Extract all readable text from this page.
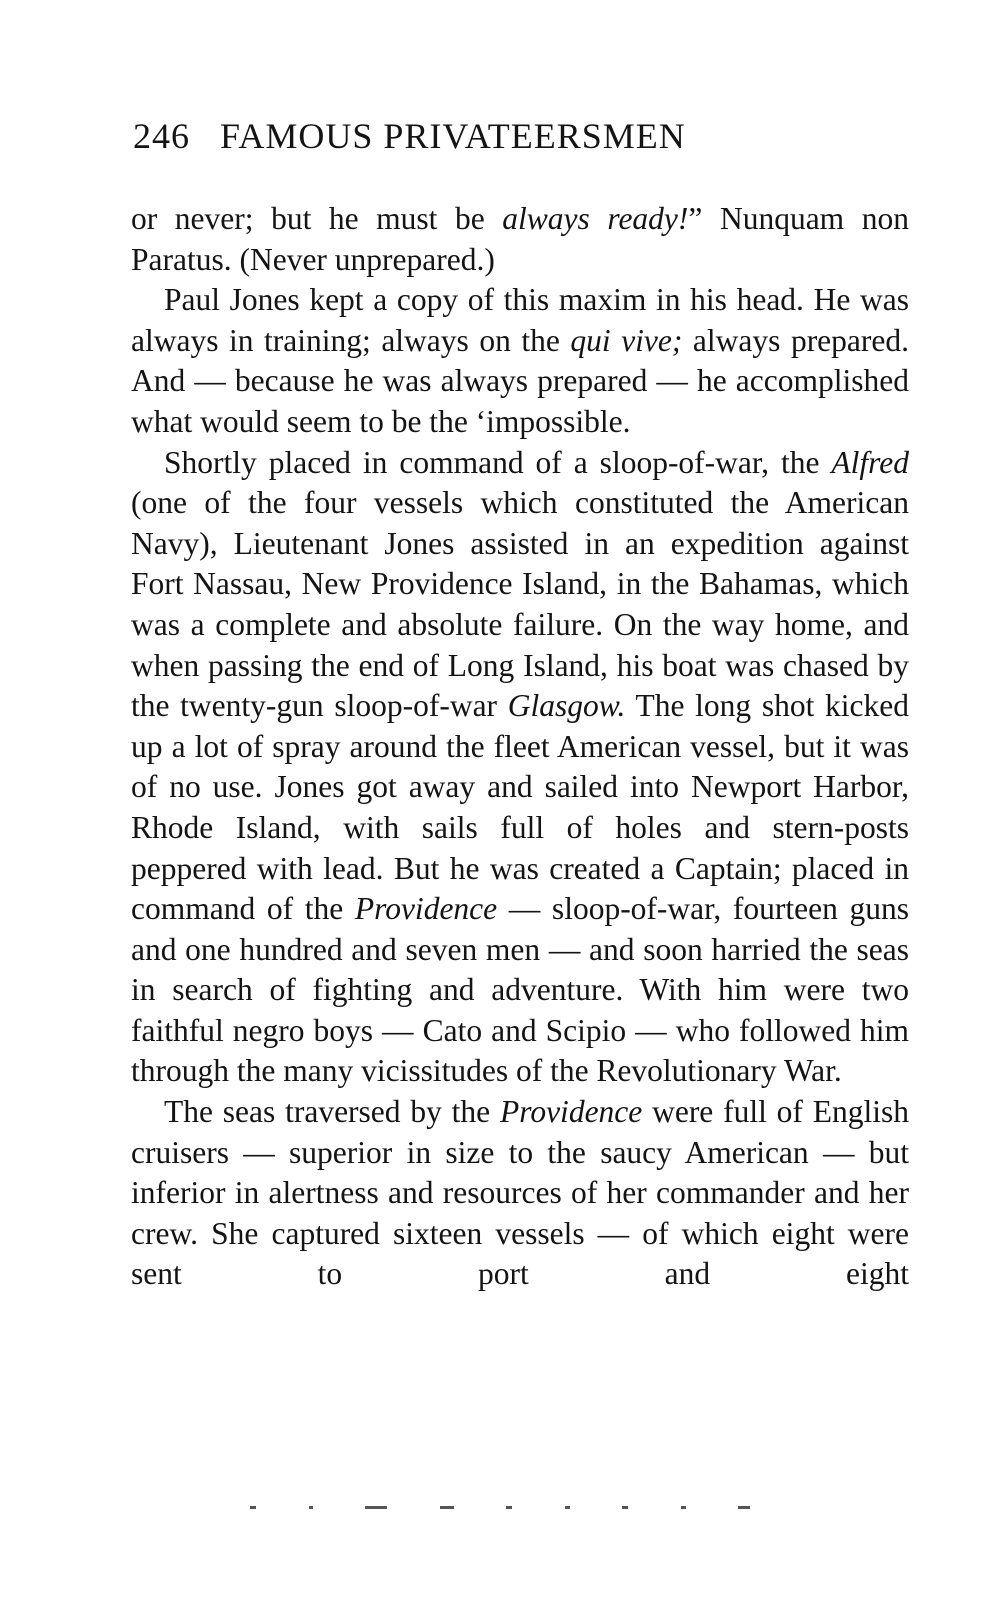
246 FAMOUS PRIVATEERSMEN

or never; but he must be always ready!” Nunquam non Paratus. (Never unprepared.)

Paul Jones kept a copy of this maxim in his head. He was always in training; always on the qui vive; always prepared. And — because he was always prepared — he accomplished what would seem to be the ‘impossible.

Shortly placed in command of a sloop-of-war, the Alfred (one of the four vessels which constituted the American Navy), Lieutenant Jones assisted in an expedition against Fort Nassau, New Providence Island, in the Bahamas, which was a complete and absolute failure. On the way home, and when passing the end of Long Island, his boat was chased by the twenty-gun sloop-of-war Glasgow. The long shot kicked up a lot of spray around the fleet American vessel, but it was of no use. Jones got away and sailed into Newport Harbor, Rhode Island, with sails full of holes and stern-posts peppered with lead. But he was created a Captain; placed in command of the Providence — sloop-of-war, fourteen guns and one hundred and seven men — and soon harried the seas in search of fighting and adventure. With him were two faithful negro boys — Cato and Scipio — who followed him through the many vicissitudes of the Revolutionary War.

The seas traversed by the Providence were full of English cruisers — superior in size to the saucy American — but inferior in alertness and resources of her commander and her crew. She captured sixteen vessels — of which eight were sent to port and eight
